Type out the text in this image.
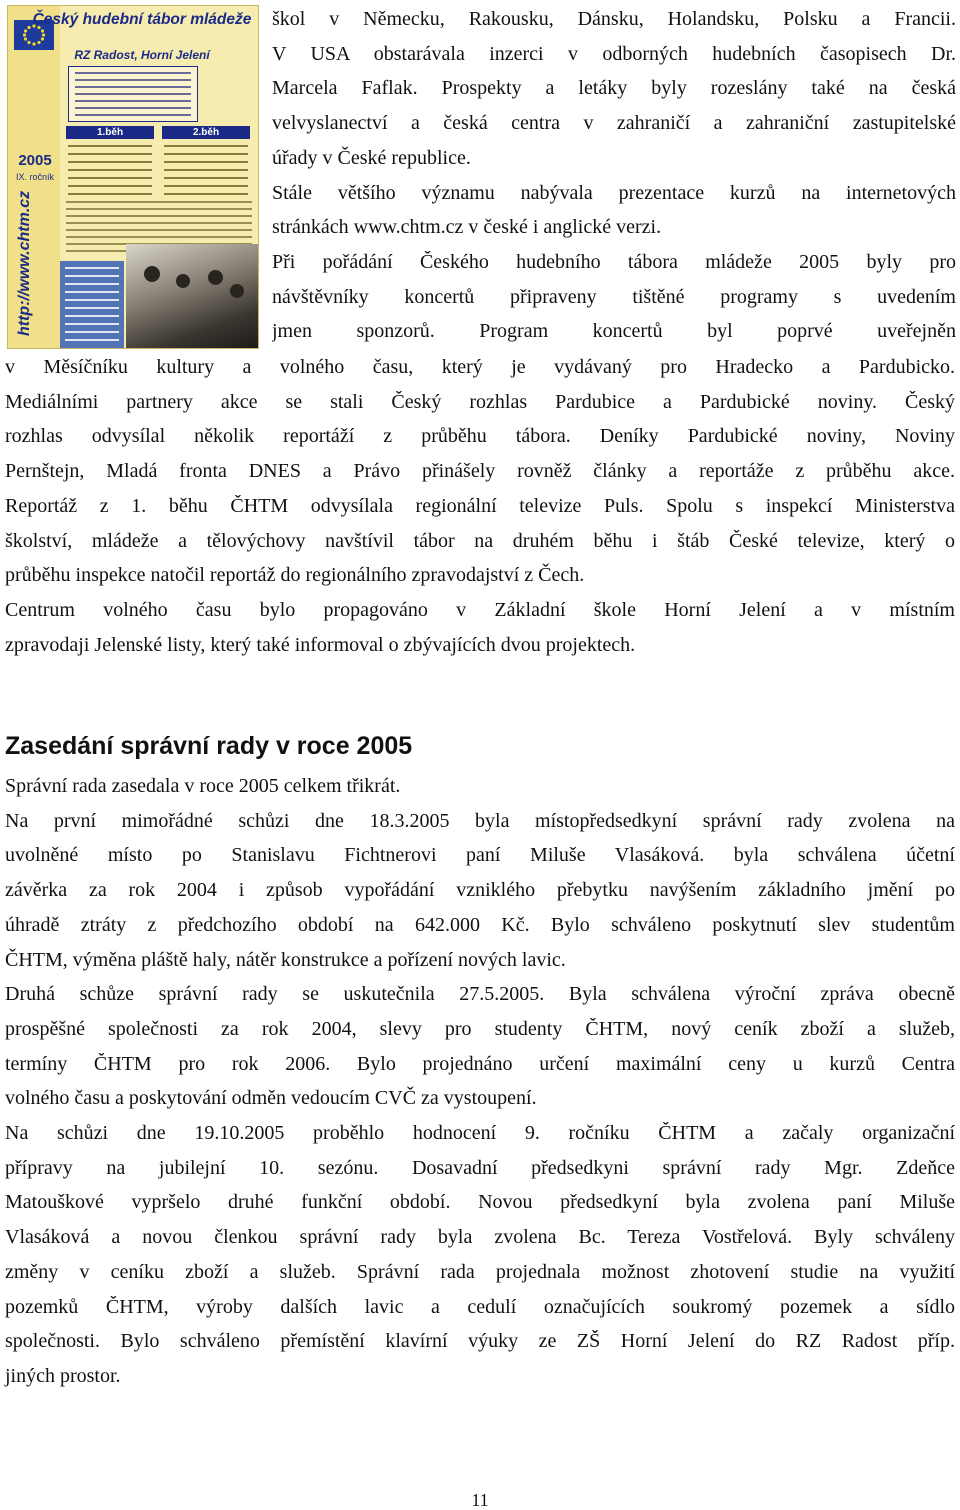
Český hudební tábor mládeže
RZ Radost, Horní Jelení
2005
IX. ročník
http://www.chtm.cz
1.běh	2.běh
škol v Německu, Rakousku, Dánsku, Holandsku, Polsku a Francii.
V USA obstarávala inzerci v odborných hudebních časopisech Dr.
Marcela Faflak. Prospekty a letáky byly rozeslány také na česká
velvyslanectví a česká centra v zahraničí a zahraniční zastupitelské
úřady v České republice.
Stále většího významu nabývala prezentace kurzů na internetových
stránkách www.chtm.cz v české i anglické verzi.
Při pořádání Českého hudebního tábora mládeže 2005 byly pro
návštěvníky koncertů připraveny tištěné programy s uvedením
jmen sponzorů. Program koncertů byl poprvé uveřejněn
v Měsíčníku kultury a volného času, který je vydávaný pro Hradecko a Pardubicko.
Mediálními partnery akce se stali Český rozhlas Pardubice a Pardubické noviny. Český
rozhlas odvysílal několik reportáží z průběhu tábora. Deníky Pardubické noviny, Noviny
Pernštejn, Mladá fronta DNES a Právo přinášely rovněž články a reportáže z průběhu akce.
Reportáž z 1. běhu ČHTM odvysílala regionální televize Puls. Spolu s inspekcí Ministerstva
školství, mládeže a tělovýchovy navštívil tábor na druhém běhu i štáb České televize, který o
průběhu inspekce natočil reportáž do regionálního zpravodajství z Čech.
Centrum volného času bylo propagováno v Základní škole Horní Jelení a v místním
zpravodaji Jelenské listy, který také informoval o zbývajících dvou projektech.
Zasedání správní rady v roce 2005
Správní rada zasedala v roce 2005 celkem třikrát.
Na první mimořádné schůzi dne 18.3.2005 byla místopředsedkyní správní rady zvolena na
uvolněné místo po Stanislavu Fichtnerovi paní Miluše Vlasáková. byla schválena účetní
závěrka za rok 2004 i způsob vypořádání vzniklého přebytku navýšením základního jmění po
úhradě ztráty z předchozího období na 642.000 Kč. Bylo schváleno poskytnutí slev studentům
ČHTM, výměna pláště haly, nátěr konstrukce a pořízení nových lavic.
Druhá schůze správní rady se uskutečnila 27.5.2005. Byla schválena výroční zpráva obecně
prospěšné společnosti za rok 2004, slevy pro studenty ČHTM, nový ceník zboží a služeb,
termíny ČHTM pro rok 2006. Bylo projednáno určení maximální ceny u kurzů Centra
volného času a poskytování odměn vedoucím CVČ za vystoupení.
Na schůzi dne 19.10.2005 proběhlo hodnocení 9. ročníku ČHTM a začaly organizační
přípravy na jubilejní 10. sezónu. Dosavadní předsedkyni správní rady Mgr. Zdeňce
Matouškové vypršelo druhé funkční období. Novou předsedkyní byla zvolena paní Miluše
Vlasáková a novou členkou správní rady byla zvolena Bc. Tereza Vostřelová. Byly schváleny
změny v ceníku zboží a služeb. Správní rada projednala možnost zhotovení studie na využití
pozemků ČHTM, výroby dalších lavic a cedulí označujících soukromý pozemek a sídlo
společnosti. Bylo schváleno přemístění klavírní výuky ze ZŠ Horní Jelení do RZ Radost příp.
jiných prostor.
11
